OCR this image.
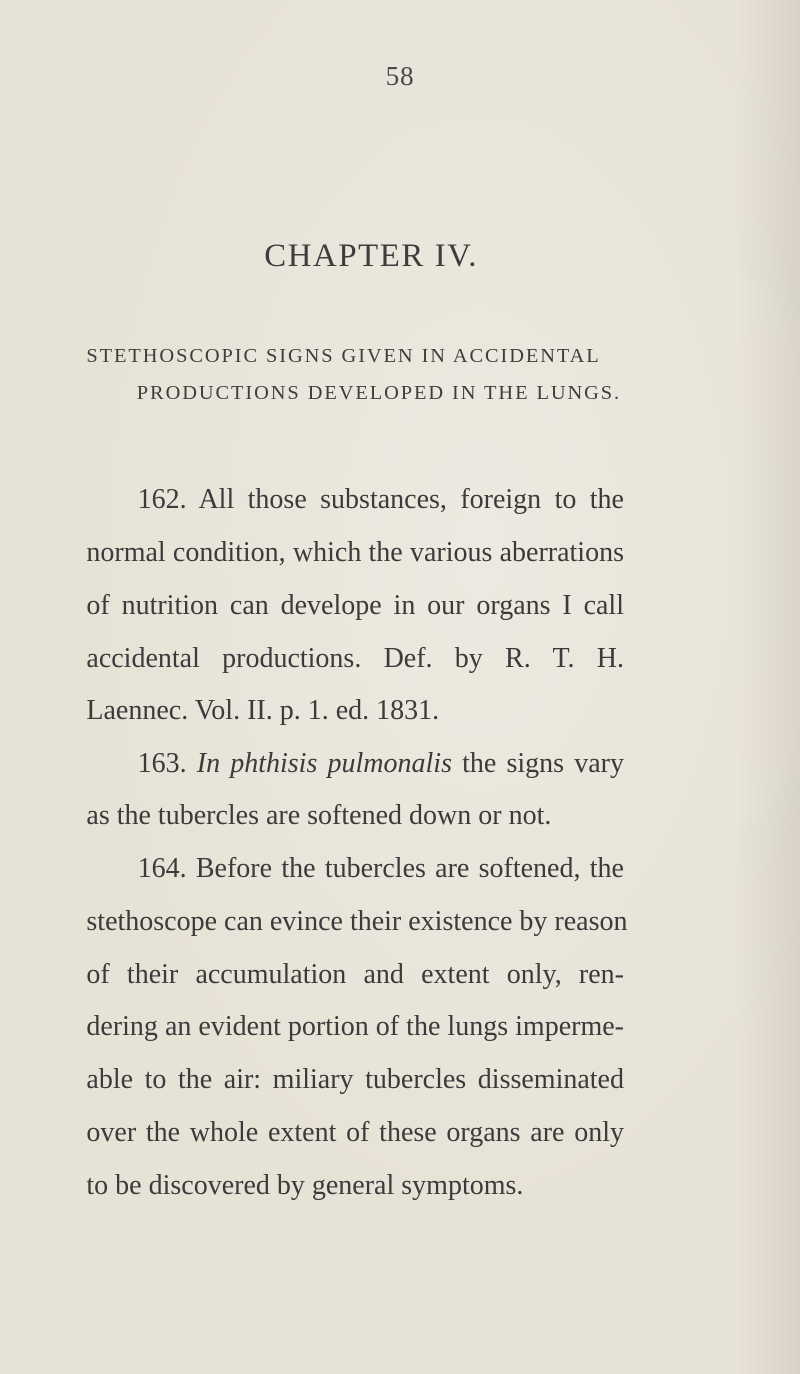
58
CHAPTER IV.
STETHOSCOPIC SIGNS GIVEN IN ACCIDENTAL
PRODUCTIONS DEVELOPED IN THE LUNGS.
162. All those substances, foreign to the
normal condition, which the various aberrations
of nutrition can develope in our organs I call
accidental productions. Def. by R. T. H.
Laennec. Vol. II. p. 1. ed. 1831.
163. In phthisis pulmonalis the signs vary
as the tubercles are softened down or not.
164. Before the tubercles are softened, the
stethoscope can evince their existence by reason
of their accumulation and extent only, ren-
dering an evident portion of the lungs imperme-
able to the air: miliary tubercles disseminated
over the whole extent of these organs are only
to be discovered by general symptoms.
